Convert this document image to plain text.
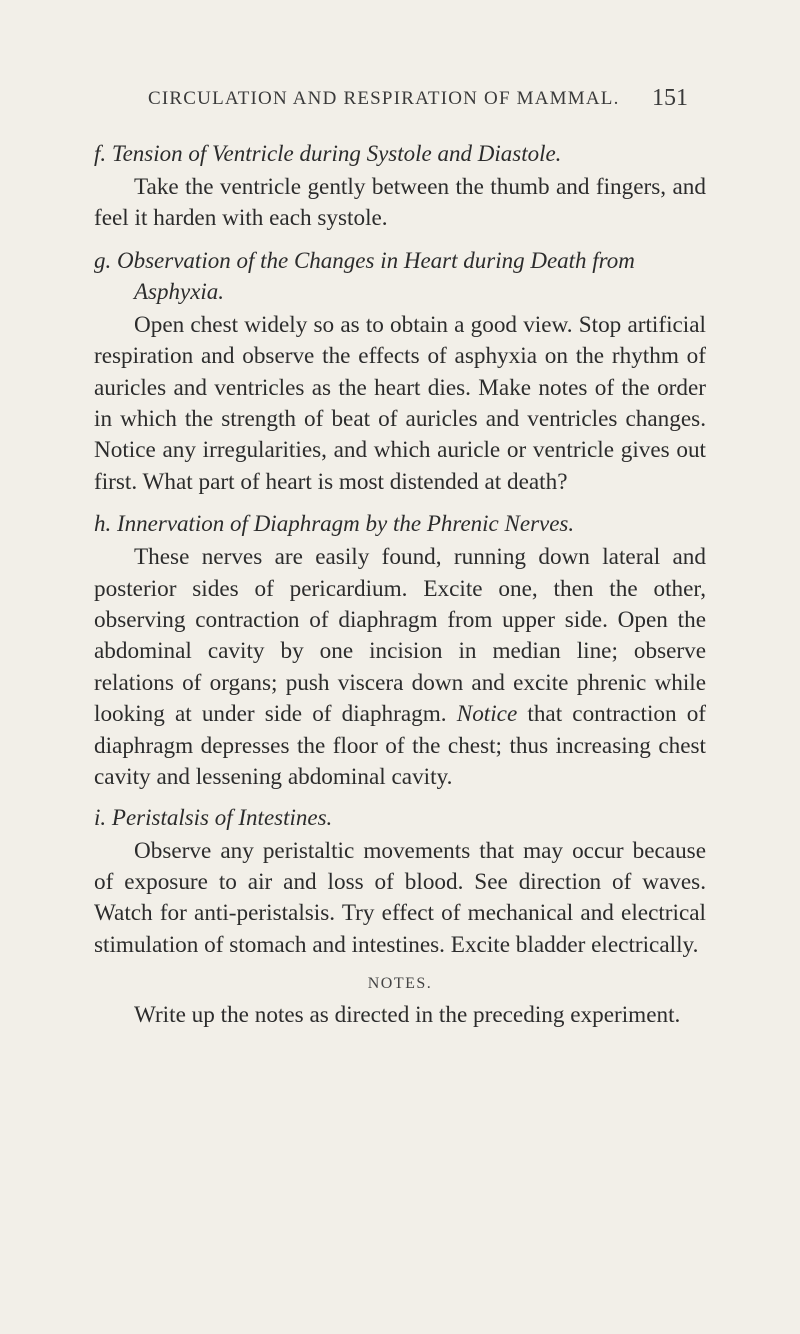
CIRCULATION AND RESPIRATION OF MAMMAL. 151

f. Tension of Ventricle during Systole and Diastole.

Take the ventricle gently between the thumb and fingers, and feel it harden with each systole.

g. Observation of the Changes in Heart during Death from Asphyxia.

Open chest widely so as to obtain a good view. Stop artificial respiration and observe the effects of asphyxia on the rhythm of auricles and ventricles as the heart dies. Make notes of the order in which the strength of beat of auricles and ventricles changes. Notice any irregularities, and which auricle or ventricle gives out first. What part of heart is most distended at death?

h. Innervation of Diaphragm by the Phrenic Nerves.

These nerves are easily found, running down lateral and posterior sides of pericardium. Excite one, then the other, observing contraction of diaphragm from upper side. Open the abdominal cavity by one incision in median line; observe relations of organs; push viscera down and excite phrenic while looking at under side of diaphragm. Notice that contraction of diaphragm depresses the floor of the chest; thus increasing chest cavity and lessening abdominal cavity.

i. Peristalsis of Intestines.

Observe any peristaltic movements that may occur because of exposure to air and loss of blood. See direction of waves. Watch for anti-peristalsis. Try effect of mechanical and electrical stimulation of stomach and intestines. Excite bladder electrically.

NOTES.

Write up the notes as directed in the preceding experiment.
